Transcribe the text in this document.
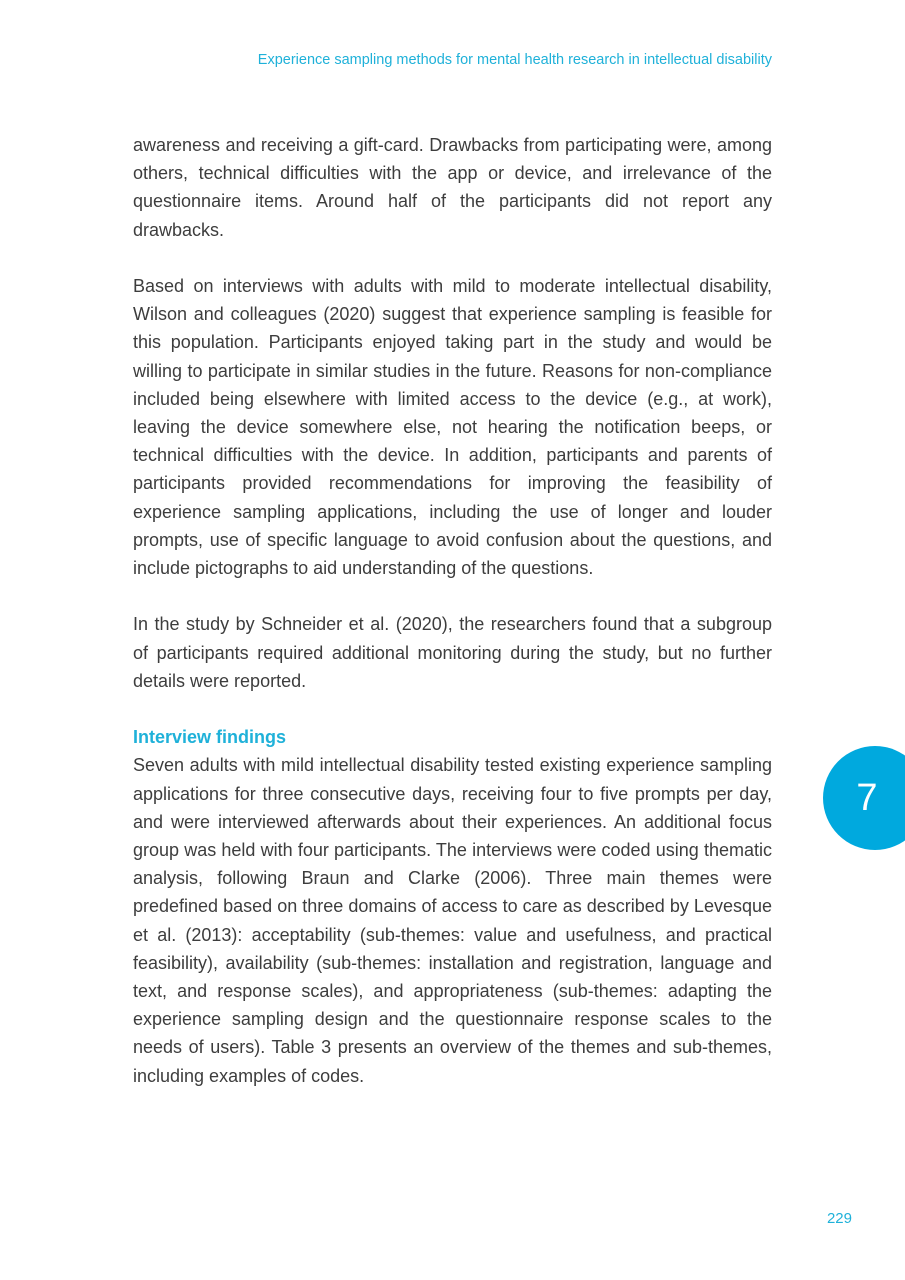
Experience sampling methods for mental health research in intellectual disability

awareness and receiving a gift-card. Drawbacks from participating were, among others, technical difficulties with the app or device, and irrelevance of the questionnaire items. Around half of the participants did not report any drawbacks.

Based on interviews with adults with mild to moderate intellectual disability, Wilson and colleagues (2020) suggest that experience sampling is feasible for this population. Participants enjoyed taking part in the study and would be willing to participate in similar studies in the future. Reasons for non-compliance included being elsewhere with limited access to the device (e.g., at work), leaving the device somewhere else, not hearing the notification beeps, or technical difficulties with the device. In addition, participants and parents of participants provided recommendations for improving the feasibility of experience sampling applications, including the use of longer and louder prompts, use of specific language to avoid confusion about the questions, and include pictographs to aid understanding of the questions.

In the study by Schneider et al. (2020), the researchers found that a subgroup of participants required additional monitoring during the study, but no further details were reported.

Interview findings

Seven adults with mild intellectual disability tested existing experience sampling applications for three consecutive days, receiving four to five prompts per day, and were interviewed afterwards about their experiences. An additional focus group was held with four participants. The interviews were coded using thematic analysis, following Braun and Clarke (2006). Three main themes were predefined based on three domains of access to care as described by Levesque et al. (2013): acceptability (sub-themes: value and usefulness, and practical feasibility), availability (sub-themes: installation and registration, language and text, and response scales), and appropriateness (sub-themes: adapting the experience sampling design and the questionnaire response scales to the needs of users). Table 3 presents an overview of the themes and sub-themes, including examples of codes.

7
229
